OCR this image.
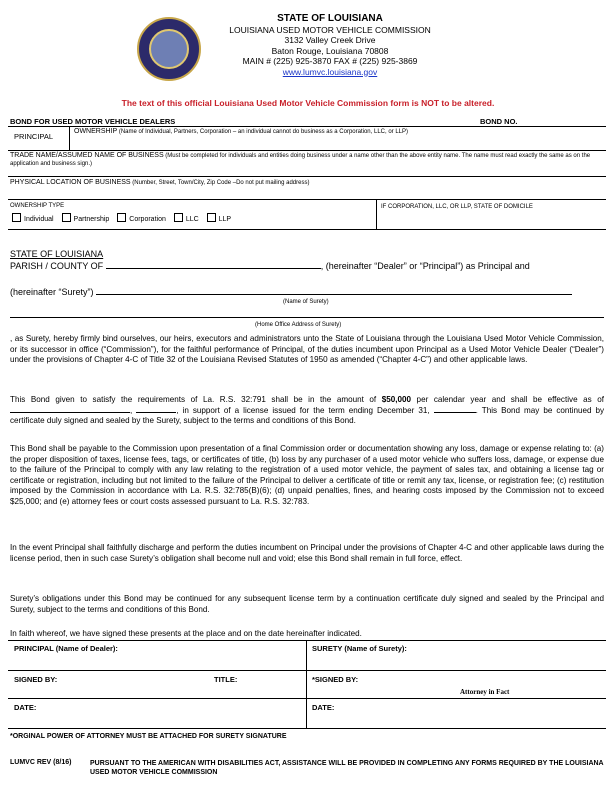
STATE OF LOUISIANA
LOUISIANA USED MOTOR VEHICLE COMMISSION
3132 Valley Creek Drive
Baton Rouge, Louisiana 70808
MAIN # (225) 925-3870 FAX # (225) 925-3869
www.lumvc.louisiana.gov
The text of this official Louisiana Used Motor Vehicle Commission form is NOT to be altered.
BOND FOR USED MOTOR VEHICLE DEALERS	BOND NO.
PRINCIPAL
OWNERSHIP (Name of Individual, Partners, Corporation – an individual cannot do business as a Corporation, LLC, or LLP)
TRADE NAME/ASSUMED NAME OF BUSINESS (Must be completed for individuals and entities doing business under a name other than the above entity name. The name must read exactly the same as on the application and business sign.)
PHYSICAL LOCATION OF BUSINESS (Number, Street, Town/City, Zip Code –Do not put mailing address)
OWNERSHIP TYPE
Individual	Partnership	Corporation	LLC	LLP
IF CORPORATION, LLC, OR LLP, STATE OF DOMICILE
STATE OF LOUISIANA
PARISH / COUNTY OF	, (hereinafter “Dealer” or “Principal”) as Principal and
(hereinafter “Surety”)
(Name of Surety)
(Home Office Address of Surety)
, as Surety, hereby firmly bind ourselves, our heirs, executors and administrators unto the State of Louisiana through the Louisiana Used Motor Vehicle Commission, or its successor in office (“Commission”), for the faithful performance of Principal, of the duties incumbent upon Principal as a Used Motor Vehicle Dealer (“Dealer”) under the provisions of Chapter 4-C of Title 32 of the Louisiana Revised Statutes of 1950 as amended (“Chapter 4-C”) and other applicable laws.
This Bond given to satisfy the requirements of La. R.S. 32:791 shall be in the amount of $50,000 per calendar year and shall be effective as of ,	, in support of a license issued for the term ending December 31,	. This Bond may be continued by certificate duly signed and sealed by the Surety, subject to the terms and conditions of this Bond.
This Bond shall be payable to the Commission upon presentation of a final Commission order or documentation showing any loss, damage or expense relating to: (a) the proper disposition of taxes, license fees, tags, or certificates of title, (b) loss by any purchaser of a used motor vehicle who suffers loss, damage, or expense due to the failure of the Principal to comply with any law relating to the registration of a used motor vehicle, the payment of sales tax, and obtaining a license tag or certificate or registration, including but not limited to the failure of the Principal to deliver a certificate of title or remit any tax, license, or registration fee; (c) restitution imposed by the Commission in accordance with La. R.S. 32:785(B)(6); (d) unpaid penalties, fines, and hearing costs imposed by the Commission not to exceed $25,000; and (e) attorney fees or court costs assessed pursuant to La. R.S. 32:783.
In the event Principal shall faithfully discharge and perform the duties incumbent on Principal under the provisions of Chapter 4-C and other applicable laws during the license period, then in such case Surety’s obligation shall become null and void; else this Bond shall remain in full force, effect.
Surety’s obligations under this Bond may be continued for any subsequent license term by a continuation certificate duly signed and sealed by the Principal and Surety, subject to the terms and conditions of this Bond.
In faith whereof, we have signed these presents at the place and on the date hereinafter indicated.
PRINCIPAL (Name of Dealer):	SURETY (Name of Surety):
SIGNED BY:	TITLE:	*SIGNED BY:
Attorney in Fact
DATE:	DATE:
*ORGINAL POWER OF ATTORNEY MUST BE ATTACHED FOR SURETY SIGNATURE
LUMVC REV (8/16)	PURSUANT TO THE AMERICAN WITH DISABILITIES ACT, ASSISTANCE WILL BE PROVIDED IN COMPLETING ANY FORMS REQUIRED BY THE LOUISIANA USED MOTOR VEHICLE COMMISSION
